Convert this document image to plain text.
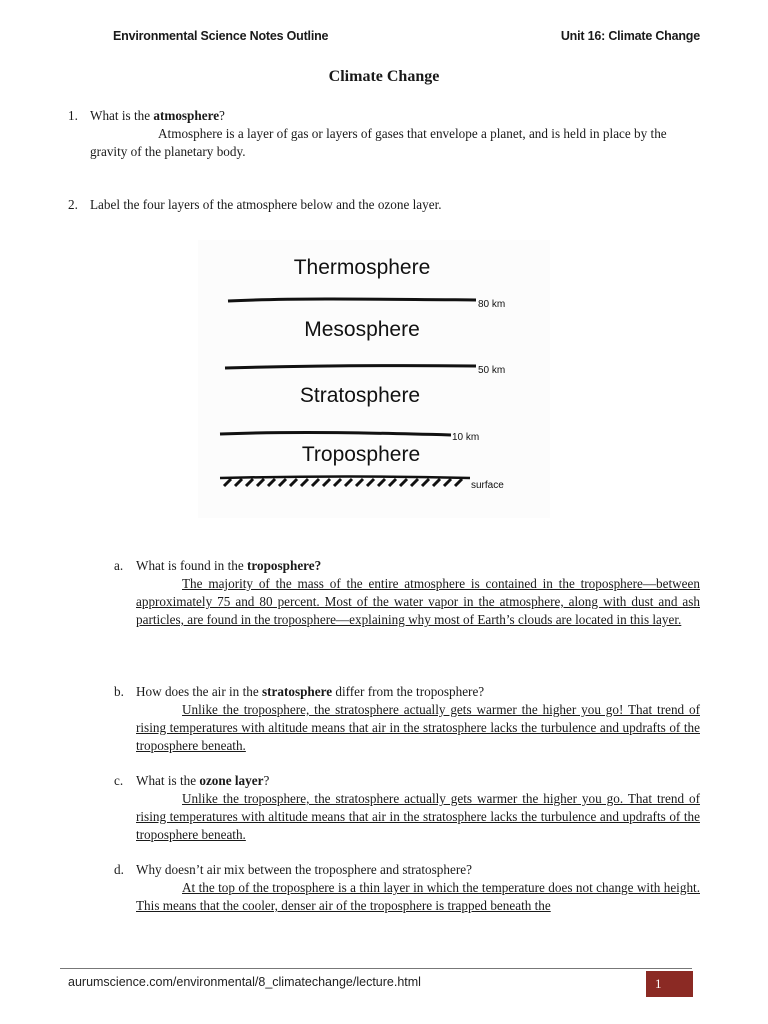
Environmental Science Notes Outline	Unit 16: Climate Change
Climate Change
1. What is the atmosphere?
Atmosphere is a layer of gas or layers of gases that envelope a planet, and is held in place by the gravity of the planetary body.
2. Label the four layers of the atmosphere below and the ozone layer.
Thermosphere
80 km
Mesosphere
50 km
Stratosphere
10 km
Troposphere
surface
a. What is found in the troposphere?
The majority of the mass of the entire atmosphere is contained in the troposphere—between approximately 75 and 80 percent. Most of the water vapor in the atmosphere, along with dust and ash particles, are found in the troposphere—explaining why most of Earth’s clouds are located in this layer.
b. How does the air in the stratosphere differ from the troposphere?
Unlike the troposphere, the stratosphere actually gets warmer the higher you go! That trend of rising temperatures with altitude means that air in the stratosphere lacks the turbulence and updrafts of the troposphere beneath.
c. What is the ozone layer?
Unlike the troposphere, the stratosphere actually gets warmer the higher you go. That trend of rising temperatures with altitude means that air in the stratosphere lacks the turbulence and updrafts of the troposphere beneath.
d. Why doesn’t air mix between the troposphere and stratosphere?
At the top of the troposphere is a thin layer in which the temperature does not change with height. This means that the cooler, denser air of the troposphere is trapped beneath the
aurumscience.com/environmental/8_climatechange/lecture.html	1
